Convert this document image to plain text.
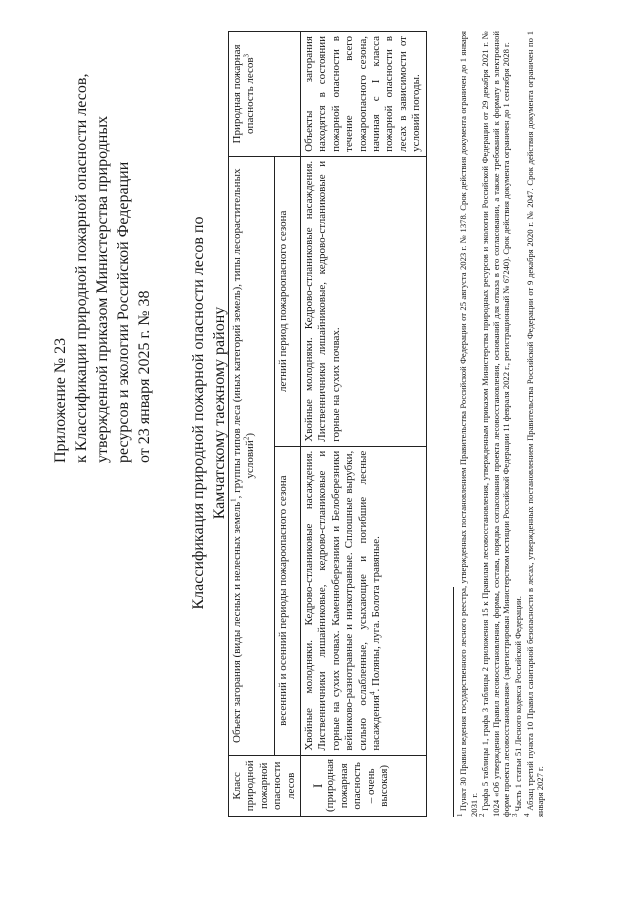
Приложение № 23 к Классификации природной пожарной опасности лесов, утвержденной приказом Министерства природных ресурсов и экологии Российской Федерации от 23 января 2025 г. № 38 Классификация природной пожарной опасности лесов по Камчатскому таежному району
Класс природной пожарной опасности лесов	Объект загорания (виды лесных и нелесных земель$^1$, группы типов леса (иных категорий земель), типы лесорастительных условий$^2$)		Природная пожарная опасность лесов$^3$
	весенний и осенний периоды пожароопасного сезона	летний период пожароопасного сезона	

I (природная пожарная опасность – очень высокая)	Хвойные молодняки. Кедрово-стланиковые насаждения. Лиственничники лишайниковые, кедрово-стланиковые и горные на сухих почвах. Каменноберезники и Белоберезники вейниково-разнотравные и низкотравные. Сплошные вырубки, сильно ослабленные, усыхающие и погибшие лесные насаждения$^4$. Поляны, луга. Болота травяные.	Хвойные молодняки. Кедрово-стланиковые насаждения. Лиственничники лишайниковые, кедрово-стланиковые и горные на сухих почвах.	Объекты загорания находятся в состоянии пожарной опасности в течение всего пожароопасного сезона, начиная с I класса пожарной опасности в лесах в зависимости от условий погоды.

$^1$ Пункт 30 Правил ведения государственного лесного реестра, утвержденных постановлением Правительства Российской Федерации от 25 августа 2023 г. № 1378. Срок действия документа ограничен до 1 января 2031 г. $^2$ Графа 5 таблицы 1, графа 3 таблицы 2 приложения 15 к Правилам лесовосстановления, утвержденным приказом Министерства природных ресурсов и экологии Российской Федерации от 29 декабря 2021 г. № 1024 «Об утверждении Правил лесовосстановления, формы, состава, порядка согласования проекта лесовосстановления, оснований для отказа в его согласовании, а также требований к формату в электронной форме проекта лесовосстановления» (зарегистрирован Министерством юстиции Российской Федерации 11 февраля 2022 г., регистрационный № 67240). Срок действия документа ограничен до 1 сентября 2028 г. $^3$ Часть 1 статьи 51 Лесного кодекса Российской Федерации.

$^4$ Абзац третий пункта 10 Правил санитарной безопасности в лесах, утвержденных постановлением Правительства Российской Федерации от 9 декабря 2020 г. № 2047. Срок действия документа ограничен по 1 января 2027 г.
